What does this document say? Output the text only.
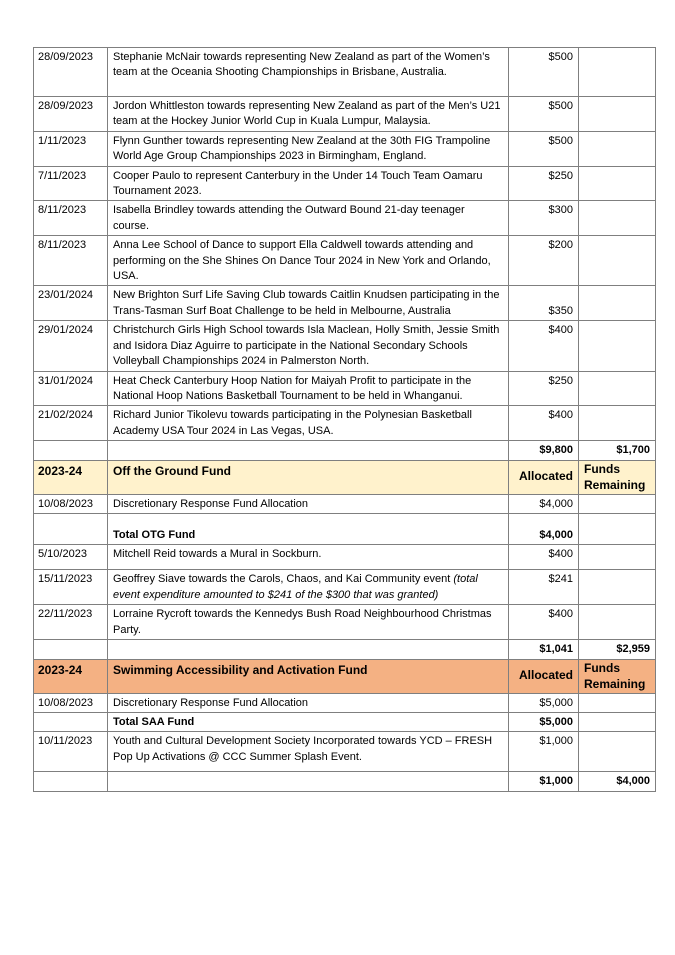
28/09/2023	Stephanie McNair towards representing New Zealand as part of the Women’s team at the Oceania Shooting Championships in Brisbane, Australia.	$500	
28/09/2023	Jordon Whittleston towards representing New Zealand as part of the Men’s U21 team at the Hockey Junior World Cup in Kuala Lumpur, Malaysia.	$500	
1/11/2023	Flynn Gunther towards representing New Zealand at the 30th FIG Trampoline World Age Group Championships 2023 in Birmingham, England.	$500	
7/11/2023	Cooper Paulo to represent Canterbury in the Under 14 Touch Team Oamaru Tournament 2023.	$250	
8/11/2023	Isabella Brindley towards attending the Outward Bound 21-day teenager course.	$300	
8/11/2023	Anna Lee School of Dance to support Ella Caldwell towards attending and performing on the She Shines On Dance Tour 2024 in New York and Orlando, USA.	$200	
23/01/2024	New Brighton Surf Life Saving Club towards Caitlin Knudsen participating in the Trans-Tasman Surf Boat Challenge to be held in Melbourne, Australia	$350	
29/01/2024	Christchurch Girls High School towards Isla Maclean, Holly Smith, Jessie Smith and Isidora Diaz Aguirre to participate in the National Secondary Schools Volleyball Championships 2024 in Palmerston North.	$400	
31/01/2024	Heat Check Canterbury Hoop Nation for Maiyah Profit to participate in the National Hoop Nations Basketball Tournament to be held in Whanganui.	$250	
21/02/2024	Richard Junior Tikolevu towards participating in the Polynesian Basketball Academy USA Tour 2024 in Las Vegas, USA.	$400	
		$9,800	$1,700
2023-24	Off the Ground Fund	Allocated	Funds Remaining
10/08/2023	Discretionary Response Fund Allocation	$4,000	
	Total OTG Fund	$4,000	
5/10/2023	Mitchell Reid towards a Mural in Sockburn.	$400	
15/11/2023	Geoffrey Siave towards the Carols, Chaos, and Kai Community event (total event expenditure amounted to $241 of the $300 that was granted)	$241	
22/11/2023	Lorraine Rycroft towards the Kennedys Bush Road Neighbourhood Christmas Party.	$400	
		$1,041	$2,959
2023-24	Swimming Accessibility and Activation Fund	Allocated	Funds Remaining
10/08/2023	Discretionary Response Fund Allocation	$5,000	
	Total SAA Fund	$5,000	
10/11/2023	Youth and Cultural Development Society Incorporated towards YCD – FRESH Pop Up Activations @ CCC Summer Splash Event.	$1,000	
		$1,000	$4,000
